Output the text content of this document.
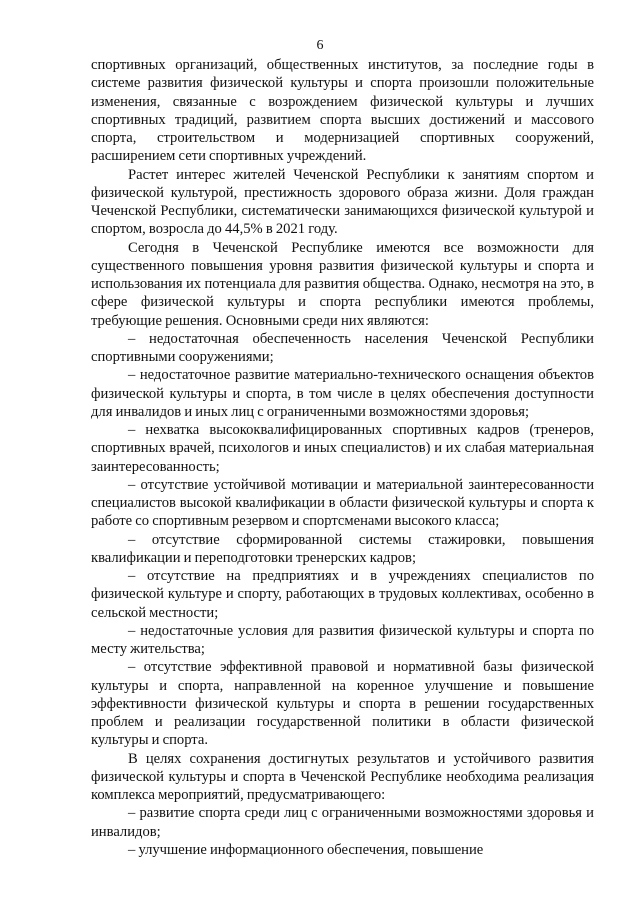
6

спортивных организаций, общественных институтов, за последние годы в системе развития физической культуры и спорта произошли положительные изменения, связанные с возрождением физической культуры и лучших спортивных традиций, развитием спорта высших достижений и массового спорта, строительством и модернизацией спортивных сооружений, расширением сети спортивных учреждений.

Растет интерес жителей Чеченской Республики к занятиям спортом и физической культурой, престижность здорового образа жизни. Доля граждан Чеченской Республики, систематически занимающихся физической культурой и спортом, возросла до 44,5% в 2021 году.

Сегодня в Чеченской Республике имеются все возможности для существенного повышения уровня развития физической культуры и спорта и использования их потенциала для развития общества. Однако, несмотря на это, в сфере физической культуры и спорта республики имеются проблемы, требующие решения. Основными среди них являются:

– недостаточная обеспеченность населения Чеченской Республики спортивными сооружениями;

– недостаточное развитие материально-технического оснащения объектов физической культуры и спорта, в том числе в целях обеспечения доступности для инвалидов и иных лиц с ограниченными возможностями здоровья;

– нехватка высококвалифицированных спортивных кадров (тренеров, спортивных врачей, психологов и иных специалистов) и их слабая материальная заинтересованность;

– отсутствие устойчивой мотивации и материальной заинтересованности специалистов высокой квалификации в области физической культуры и спорта к работе со спортивным резервом и спортсменами высокого класса;

– отсутствие сформированной системы стажировки, повышения квалификации и переподготовки тренерских кадров;

– отсутствие на предприятиях и в учреждениях специалистов по физической культуре и спорту, работающих в трудовых коллективах, особенно в сельской местности;

– недостаточные условия для развития физической культуры и спорта по месту жительства;

– отсутствие эффективной правовой и нормативной базы физической культуры и спорта, направленной на коренное улучшение и повышение эффективности физической культуры и спорта в решении государственных проблем и реализации государственной политики в области физической культуры и спорта.

В целях сохранения достигнутых результатов и устойчивого развития физической культуры и спорта в Чеченской Республике необходима реализация комплекса мероприятий, предусматривающего:

– развитие спорта среди лиц с ограниченными возможностями здоровья и инвалидов;

– улучшение информационного обеспечения, повышение
